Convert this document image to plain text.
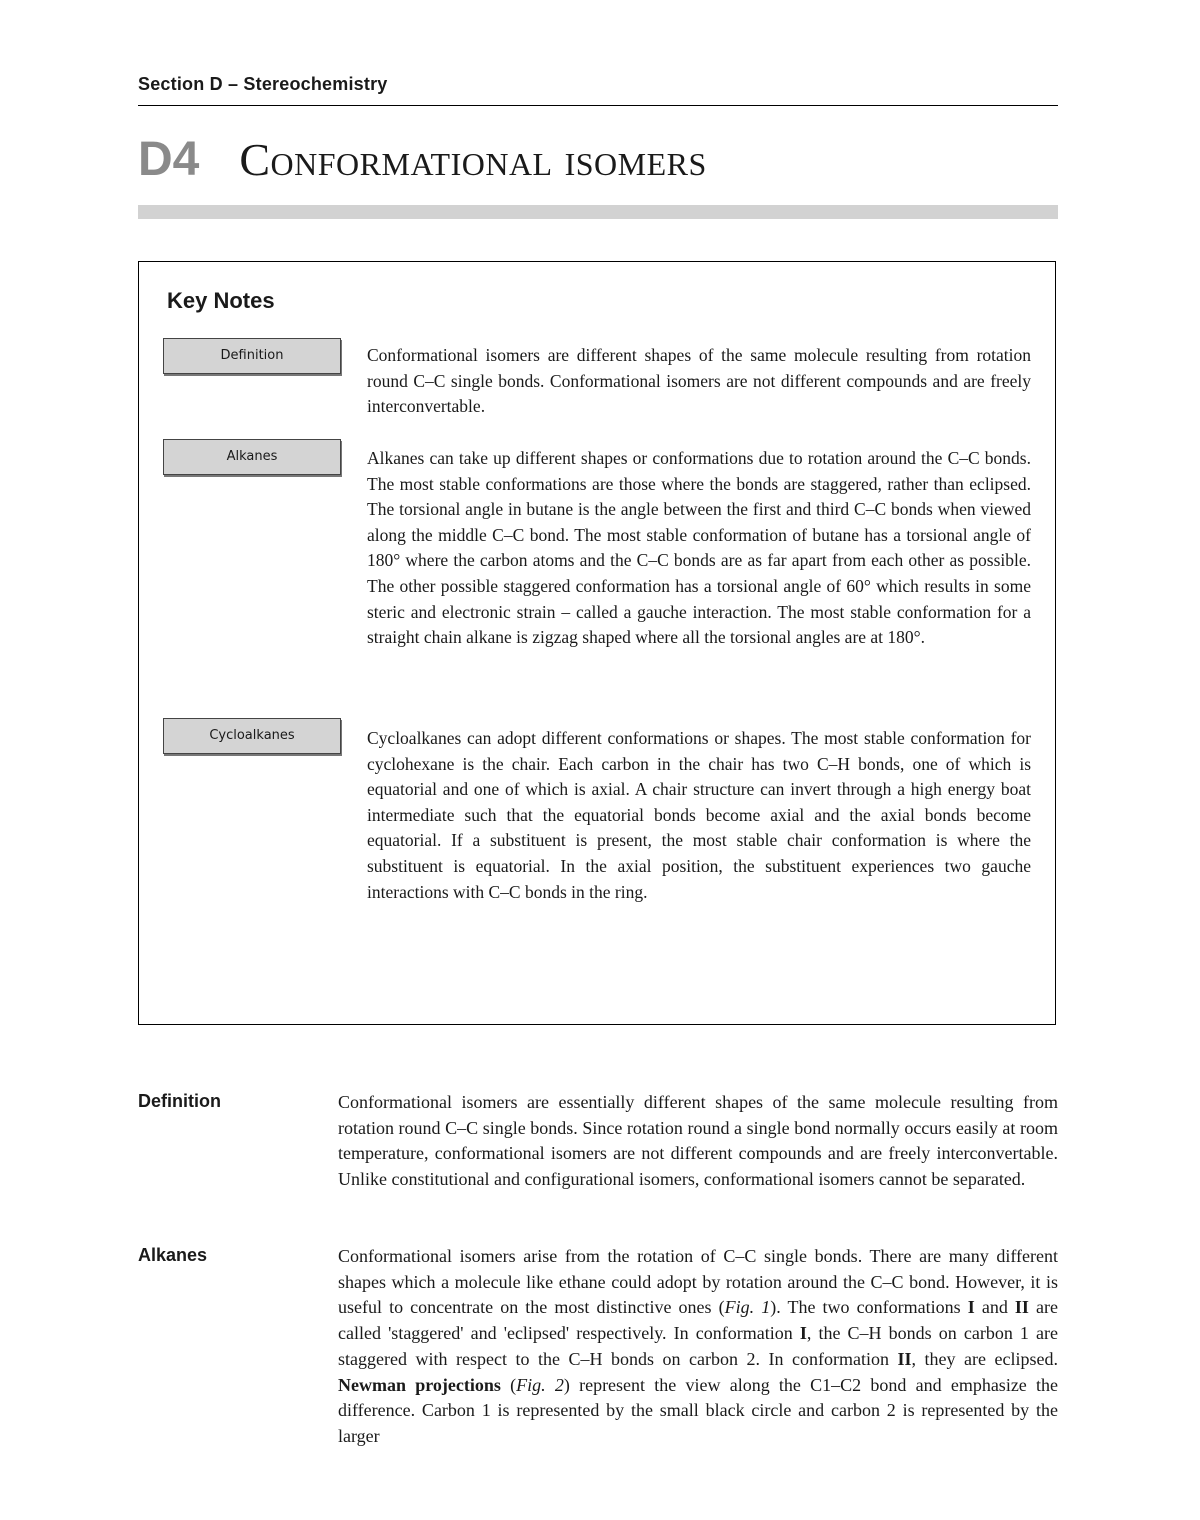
Section D – Stereochemistry
D4 Conformational isomers
Key Notes
Definition	Conformational isomers are different shapes of the same molecule resulting from rotation round C–C single bonds. Conformational isomers are not different compounds and are freely interconvertable.
Alkanes	Alkanes can take up different shapes or conformations due to rotation around the C–C bonds. The most stable conformations are those where the bonds are staggered, rather than eclipsed. The torsional angle in butane is the angle between the first and third C–C bonds when viewed along the middle C–C bond. The most stable conformation of butane has a torsional angle of 180° where the carbon atoms and the C–C bonds are as far apart from each other as possible. The other possible staggered conformation has a torsional angle of 60° which results in some steric and electronic strain – called a gauche interaction. The most stable conformation for a straight chain alkane is zigzag shaped where all the torsional angles are at 180°.
Cycloalkanes	Cycloalkanes can adopt different conformations or shapes. The most stable conformation for cyclohexane is the chair. Each carbon in the chair has two C–H bonds, one of which is equatorial and one of which is axial. A chair structure can invert through a high energy boat intermediate such that the equatorial bonds become axial and the axial bonds become equatorial. If a substituent is present, the most stable chair conformation is where the substituent is equatorial. In the axial position, the substituent experiences two gauche interactions with C–C bonds in the ring.
Definition	Conformational isomers are essentially different shapes of the same molecule resulting from rotation round C–C single bonds. Since rotation round a single bond normally occurs easily at room temperature, conformational isomers are not different compounds and are freely interconvertable. Unlike constitutional and configurational isomers, conformational isomers cannot be separated.
Alkanes	Conformational isomers arise from the rotation of C–C single bonds. There are many different shapes which a molecule like ethane could adopt by rotation around the C–C bond. However, it is useful to concentrate on the most distinctive ones (Fig. 1). The two conformations I and II are called 'staggered' and 'eclipsed' respectively. In conformation I, the C–H bonds on carbon 1 are staggered with respect to the C–H bonds on carbon 2. In conformation II, they are eclipsed. Newman projections (Fig. 2) represent the view along the C1–C2 bond and emphasize the difference. Carbon 1 is represented by the small black circle and carbon 2 is represented by the larger
